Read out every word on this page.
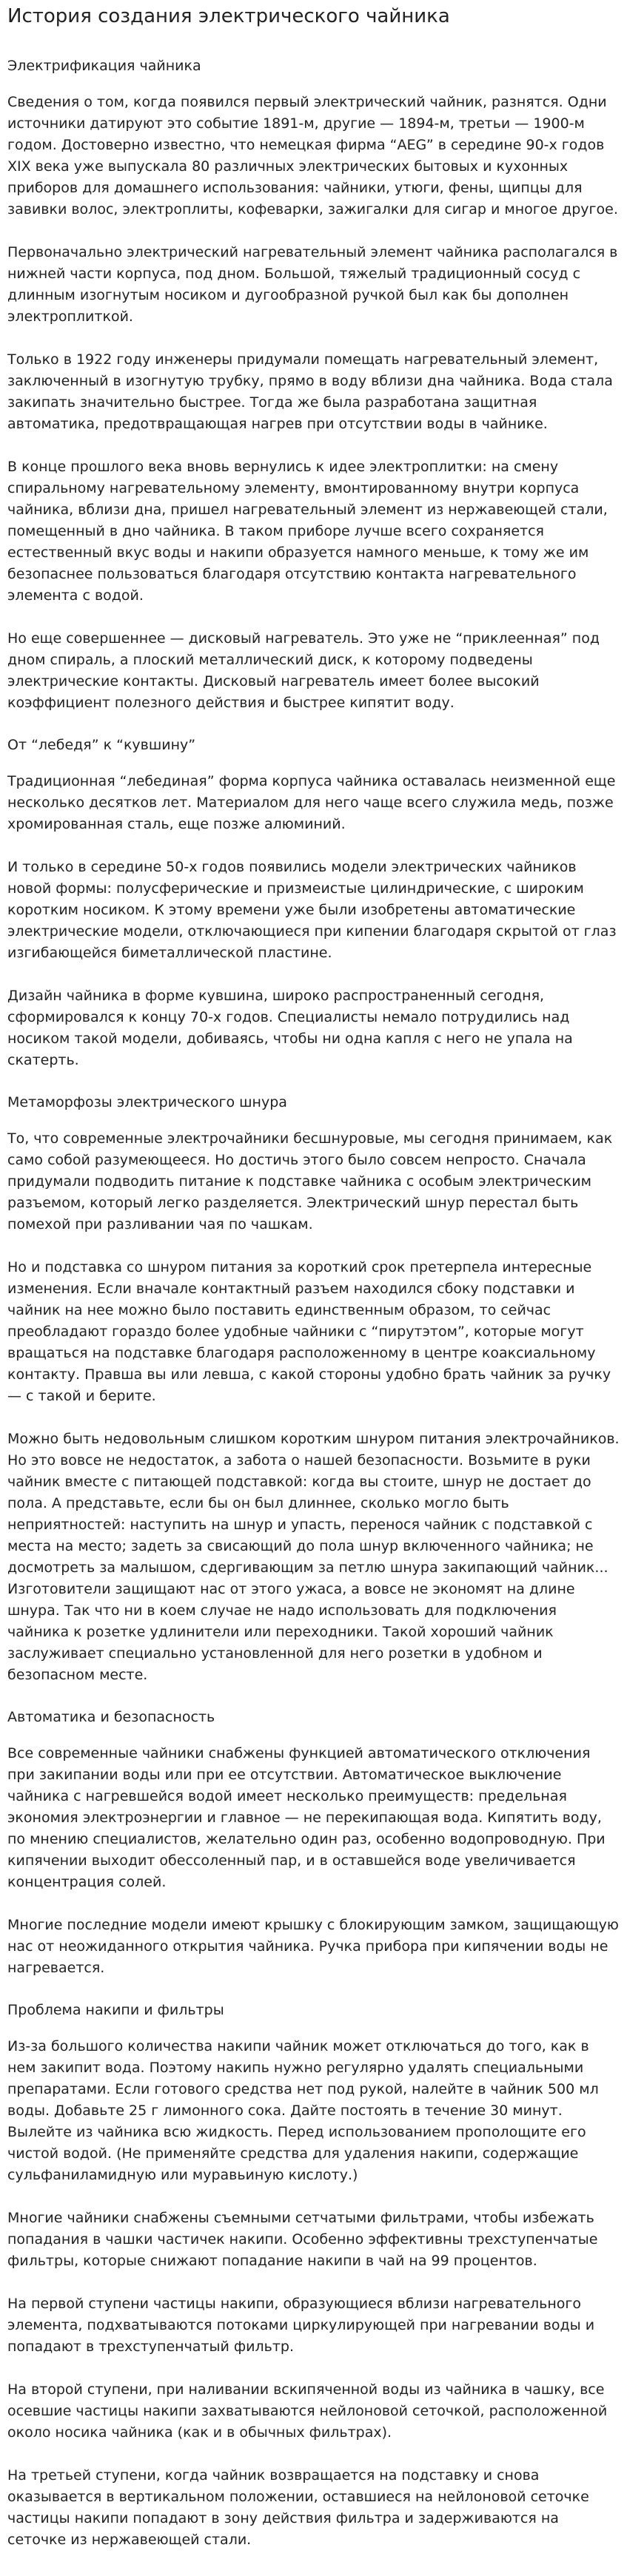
История создания электрического чайника
Электрификация чайника

Сведения о том, когда появился первый электрический чайник, разнятся. Одни источники датируют это событие 1891-м, другие — 1894-м, третьи — 1900-м годом. Достоверно известно, что немецкая фирма “AEG” в середине 90-х годов XIX века уже выпускала 80 различных электрических бытовых и кухонных приборов для домашнего использования: чайники, утюги, фены, щипцы для завивки волос, электроплиты, кофеварки, зажигалки для сигар и многое другое.

Первоначально электрический нагревательный элемент чайника располагался в нижней части корпуса, под дном. Большой, тяжелый традиционный сосуд с длинным изогнутым носиком и дугообразной ручкой был как бы дополнен электроплиткой.

Только в 1922 году инженеры придумали помещать нагревательный элемент, заключенный в изогнутую трубку, прямо в воду вблизи дна чайника. Вода стала закипать значительно быстрее. Тогда же была разработана защитная автоматика, предотвращающая нагрев при отсутствии воды в чайнике.

В конце прошлого века вновь вернулись к идее электроплитки: на смену спиральному нагревательному элементу, вмонтированному внутри корпуса чайника, вблизи дна, пришел нагревательный элемент из нержавеющей стали, помещенный в дно чайника. В таком приборе лучше всего сохраняется естественный вкус воды и накипи образуется намного меньше, к тому же им безопаснее пользоваться благодаря отсутствию контакта нагревательного элемента с водой.

Но еще совершеннее — дисковый нагреватель. Это уже не “приклеенная” под дном спираль, а плоский металлический диск, к которому подведены электрические контакты. Дисковый нагреватель имеет более высокий коэффициент полезного действия и быстрее кипятит воду.

От “лебедя” к “кувшину”

Традиционная “лебединая” форма корпуса чайника оставалась неизменной еще несколько десятков лет. Материалом для него чаще всего служила медь, позже хромированная сталь, еще позже алюминий.

И только в середине 50-х годов появились модели электрических чайников новой формы: полусферические и призмеистые цилиндрические, с широким коротким носиком. К этому времени уже были изобретены автоматические электрические модели, отключающиеся при кипении благодаря скрытой от глаз изгибающейся биметаллической пластине.

Дизайн чайника в форме кувшина, широко распространенный сегодня, сформировался к концу 70-х годов. Специалисты немало потрудились над носиком такой модели, добиваясь, чтобы ни одна капля с него не упала на скатерть.

Метаморфозы электрического шнура

То, что современные электрочайники бесшнуровые, мы сегодня принимаем, как само собой разумеющееся. Но достичь этого было совсем непросто. Сначала придумали подводить питание к подставке чайника с особым электрическим разъемом, который легко разделяется. Электрический шнур перестал быть помехой при разливании чая по чашкам.

Но и подставка со шнуром питания за короткий срок претерпела интересные изменения. Если вначале контактный разъем находился сбоку подставки и чайник на нее можно было поставить единственным образом, то сейчас преобладают гораздо более удобные чайники с “пирутэтом”, которые могут вращаться на подставке благодаря расположенному в центре коаксиальному контакту. Правша вы или левша, с какой стороны удобно брать чайник за ручку — с такой и берите.

Можно быть недовольным слишком коротким шнуром питания электрочайников. Но это вовсе не недостаток, а забота о нашей безопасности. Возьмите в руки чайник вместе с питающей подставкой: когда вы стоите, шнур не достает до пола. А представьте, если бы он был длиннее, сколько могло быть неприятностей: наступить на шнур и упасть, перенося чайник с подставкой с места на место; задеть за свисающий до пола шнур включенного чайника; не досмотреть за малышом, сдергивающим за петлю шнура закипающий чайник... Изготовители защищают нас от этого ужаса, а вовсе не экономят на длине шнура. Так что ни в коем случае не надо использовать для подключения чайника к розетке удлинители или переходники. Такой хороший чайник заслуживает специально установленной для него розетки в удобном и безопасном месте.

Автоматика и безопасность

Все современные чайники снабжены функцией автоматического отключения при закипании воды или при ее отсутствии. Автоматическое выключение чайника с нагревшейся водой имеет несколько преимуществ: предельная экономия электроэнергии и главное — не перекипающая вода. Кипятить воду, по мнению специалистов, желательно один раз, особенно водопроводную. При кипячении выходит обессоленный пар, и в оставшейся воде увеличивается концентрация солей.

Многие последние модели имеют крышку с блокирующим замком, защищающую нас от неожиданного открытия чайника. Ручка прибора при кипячении воды не нагревается.

Проблема накипи и фильтры

Из-за большого количества накипи чайник может отключаться до того, как в нем закипит вода. Поэтому накипь нужно регулярно удалять специальными препаратами. Если готового средства нет под рукой, налейте в чайник 500 мл воды. Добавьте 25 г лимонного сока. Дайте постоять в течение 30 минут. Вылейте из чайника всю жидкость. Перед использованием прополощите его чистой водой. (Не применяйте средства для удаления накипи, содержащие сульфаниламидную или муравьиную кислоту.)

Многие чайники снабжены съемными сетчатыми фильтрами, чтобы избежать попадания в чашки частичек накипи. Особенно эффективны трехступенчатые фильтры, которые снижают попадание накипи в чай на 99 процентов.

На первой ступени частицы накипи, образующиеся вблизи нагревательного элемента, подхватываются потоками циркулирующей при нагревании воды и попадают в трехступенчатый фильтр.

На второй ступени, при наливании вскипяченной воды из чайника в чашку, все осевшие частицы накипи захватываются нейлоновой сеточкой, расположенной около носика чайника (как и в обычных фильтрах).

На третьей ступени, когда чайник возвращается на подставку и снова оказывается в вертикальном положении, оставшиеся на нейлоновой сеточке частицы накипи попадают в зону действия фильтра и задерживаются на сеточке из нержавеющей стали.
